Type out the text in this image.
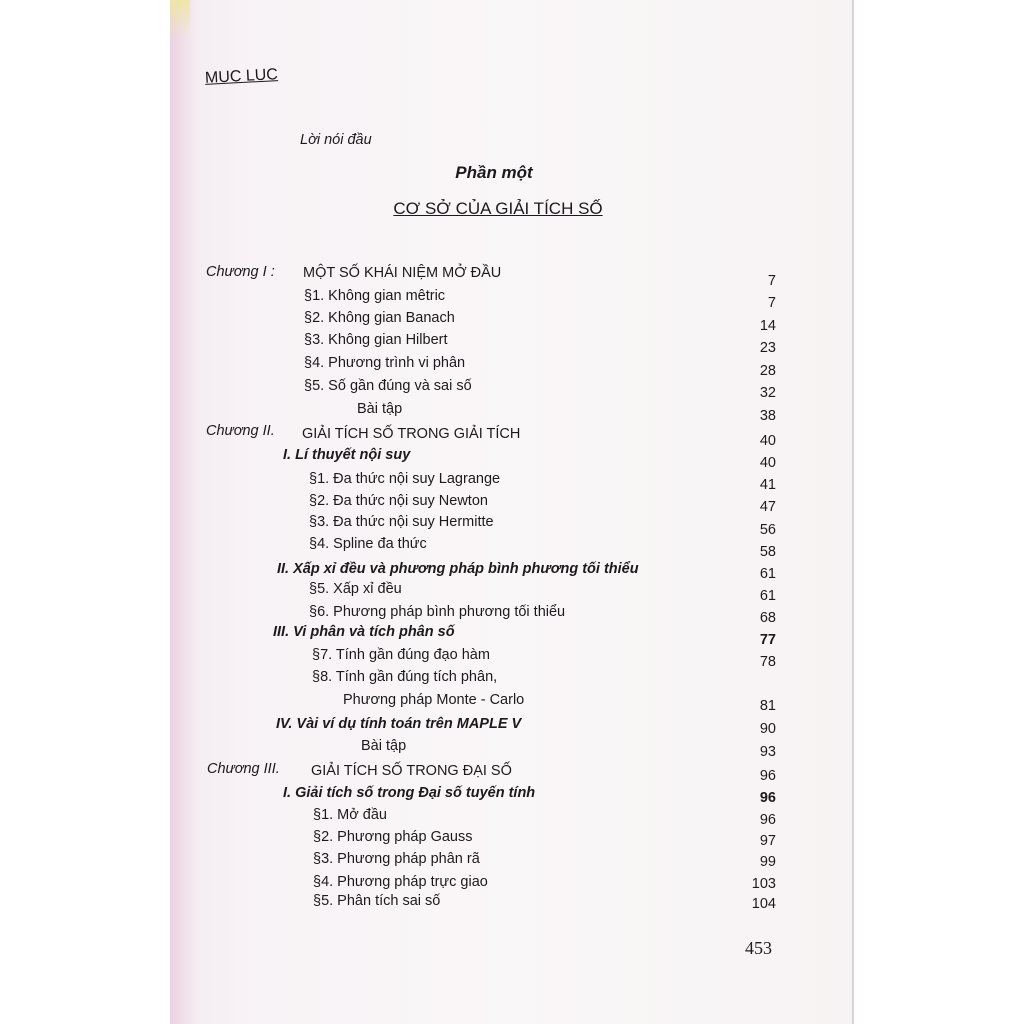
MUC LUC
Lời nói đầu
Phần một
CƠ SỞ CỦA GIẢI TÍCH SỐ
Chương I : MỘT SỐ KHÁI NIỆM MỞ ĐẦU	7
§1. Không gian mêtric	7
§2. Không gian Banach	14
§3. Không gian Hilbert	23
§4. Phương trình vi phân	28
§5. Số gần đúng và sai số	32
Bài tập	38
Chương II. GIẢI TÍCH SỐ TRONG GIẢI TÍCH	40
I. Lí thuyết nội suy	40
§1. Đa thức nội suy Lagrange	41
§2. Đa thức nội suy Newton	47
§3. Đa thức nội suy Hermitte	56
§4. Spline đa thức	58
II. Xấp xỉ đều và phương pháp bình phương tối thiểu	61
§5. Xấp xỉ đều	61
§6. Phương pháp bình phương tối thiểu	68
III. Vi phân và tích phân số	77
§7. Tính gần đúng đạo hàm	78
§8. Tính gần đúng tích phân,
Phương pháp Monte - Carlo	81
IV. Vài ví dụ tính toán trên MAPLE V	90
Bài tập	93
Chương III. GIẢI TÍCH SỐ TRONG ĐẠI SỐ	96
I. Giải tích số trong Đại số tuyến tính	96
§1. Mở đầu	96
§2. Phương pháp Gauss	97
§3. Phương pháp phân rã	99
§4. Phương pháp trực giao	103
§5. Phân tích sai số	104
453
